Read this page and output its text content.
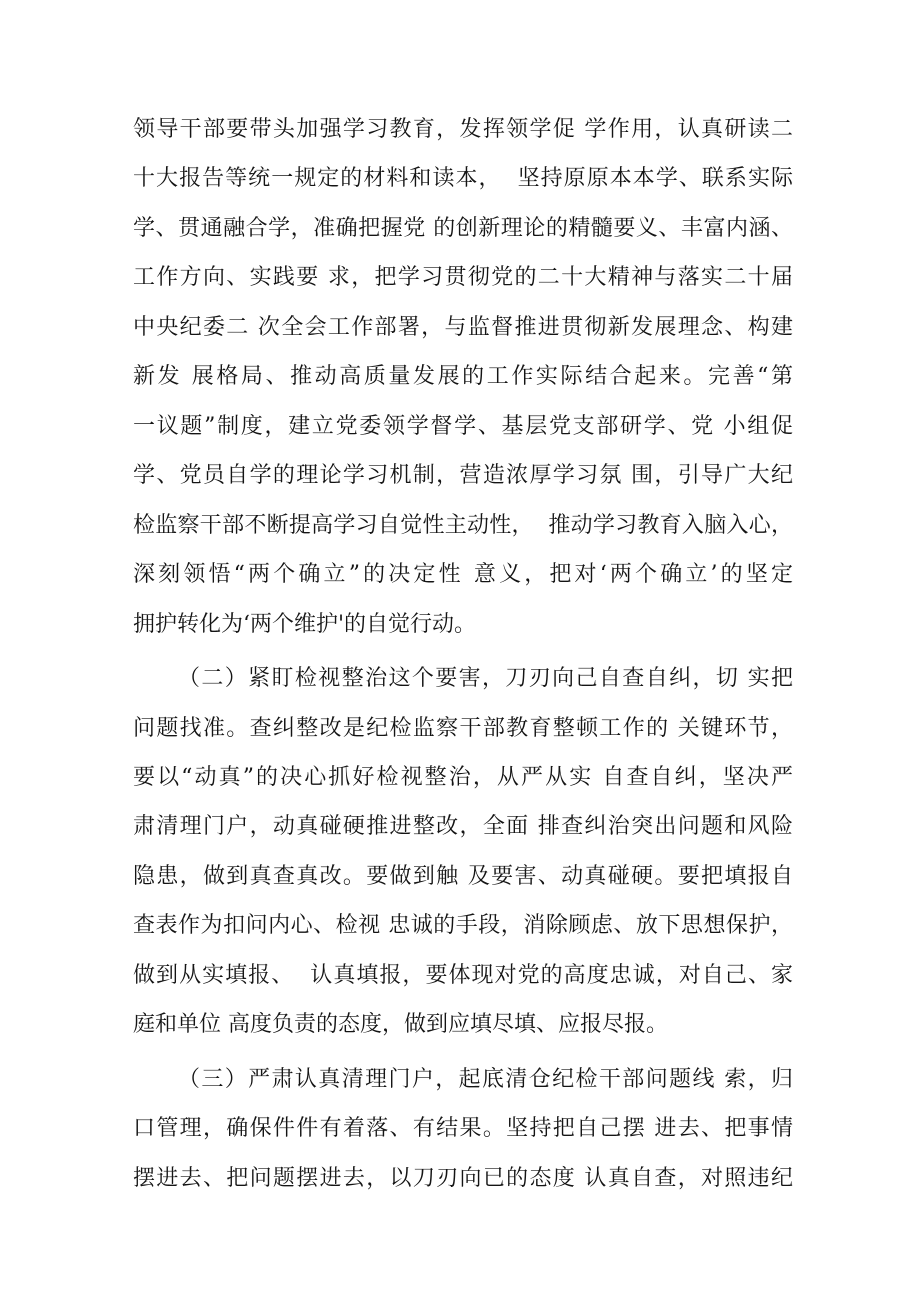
领导干部要带头加强学习教育，发挥领学促 学作用，认真研读二
十大报告等统一规定的材料和读本，  坚持原原本本学、联系实际
学、贯通融合学，准确把握党 的创新理论的精髓要义、丰富内涵、
工作方向、实践要 求，把学习贯彻党的二十大精神与落实二十届
中央纪委二 次全会工作部署，与监督推进贯彻新发展理念、构建
新发 展格局、推动高质量发展的工作实际结合起来。完善“第
一议题”制度，建立党委领学督学、基层党支部研学、党 小组促
学、党员自学的理论学习机制，营造浓厚学习氛 围，引导广大纪
检监察干部不断提高学习自觉性主动性，  推动学习教育入脑入心，
深刻领悟“两个确立”的决定性 意义，把对‘两个确立’的坚定
拥护转化为‘两个维护'的自觉行动。
（二）紧盯检视整治这个要害，刀刃向己自查自纠，切 实把
问题找准。查纠整改是纪检监察干部教育整顿工作的 关键环节，
要以“动真”的决心抓好检视整治，从严从实 自查自纠，坚决严
肃清理门户，动真碰硬推进整改，全面 排查纠治突出问题和风险
隐患，做到真查真改。要做到触 及要害、动真碰硬。要把填报自
查表作为扣问内心、检视 忠诚的手段，消除顾虑、放下思想保护，
做到从实填报、  认真填报，要体现对党的高度忠诚，对自己、家
庭和单位 高度负责的态度，做到应填尽填、应报尽报。
（三）严肃认真清理门户，起底清仓纪检干部问题线 索，归
口管理，确保件件有着落、有结果。坚持把自己摆 进去、把事情
摆进去、把问题摆进去，以刀刃向已的态度 认真自查，对照违纪
